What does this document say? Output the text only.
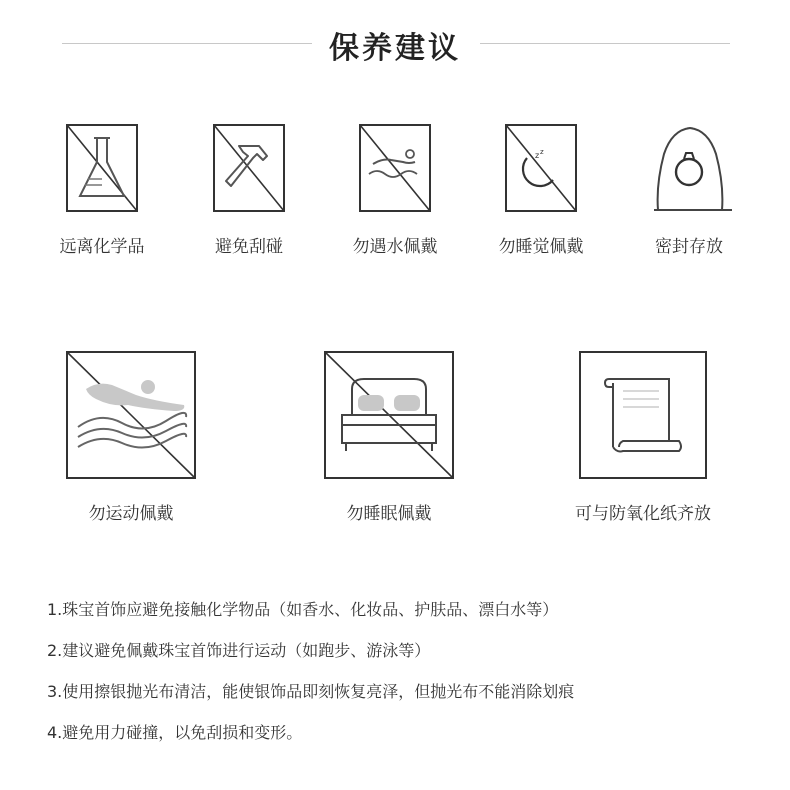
保养建议
远离化学品	避免刮碰	勿遇水佩戴
z z
勿睡觉佩戴	密封存放
勿运动佩戴	勿睡眠佩戴	可与防氧化纸齐放
1.珠宝首饰应避免接触化学物品（如香水、化妆品、护肤品、漂白水等）
2.建议避免佩戴珠宝首饰进行运动（如跑步、游泳等）
3.使用擦银抛光布清洁，能使银饰品即刻恢复亮泽，但抛光布不能消除划痕
4.避免用力碰撞，以免刮损和变形。
